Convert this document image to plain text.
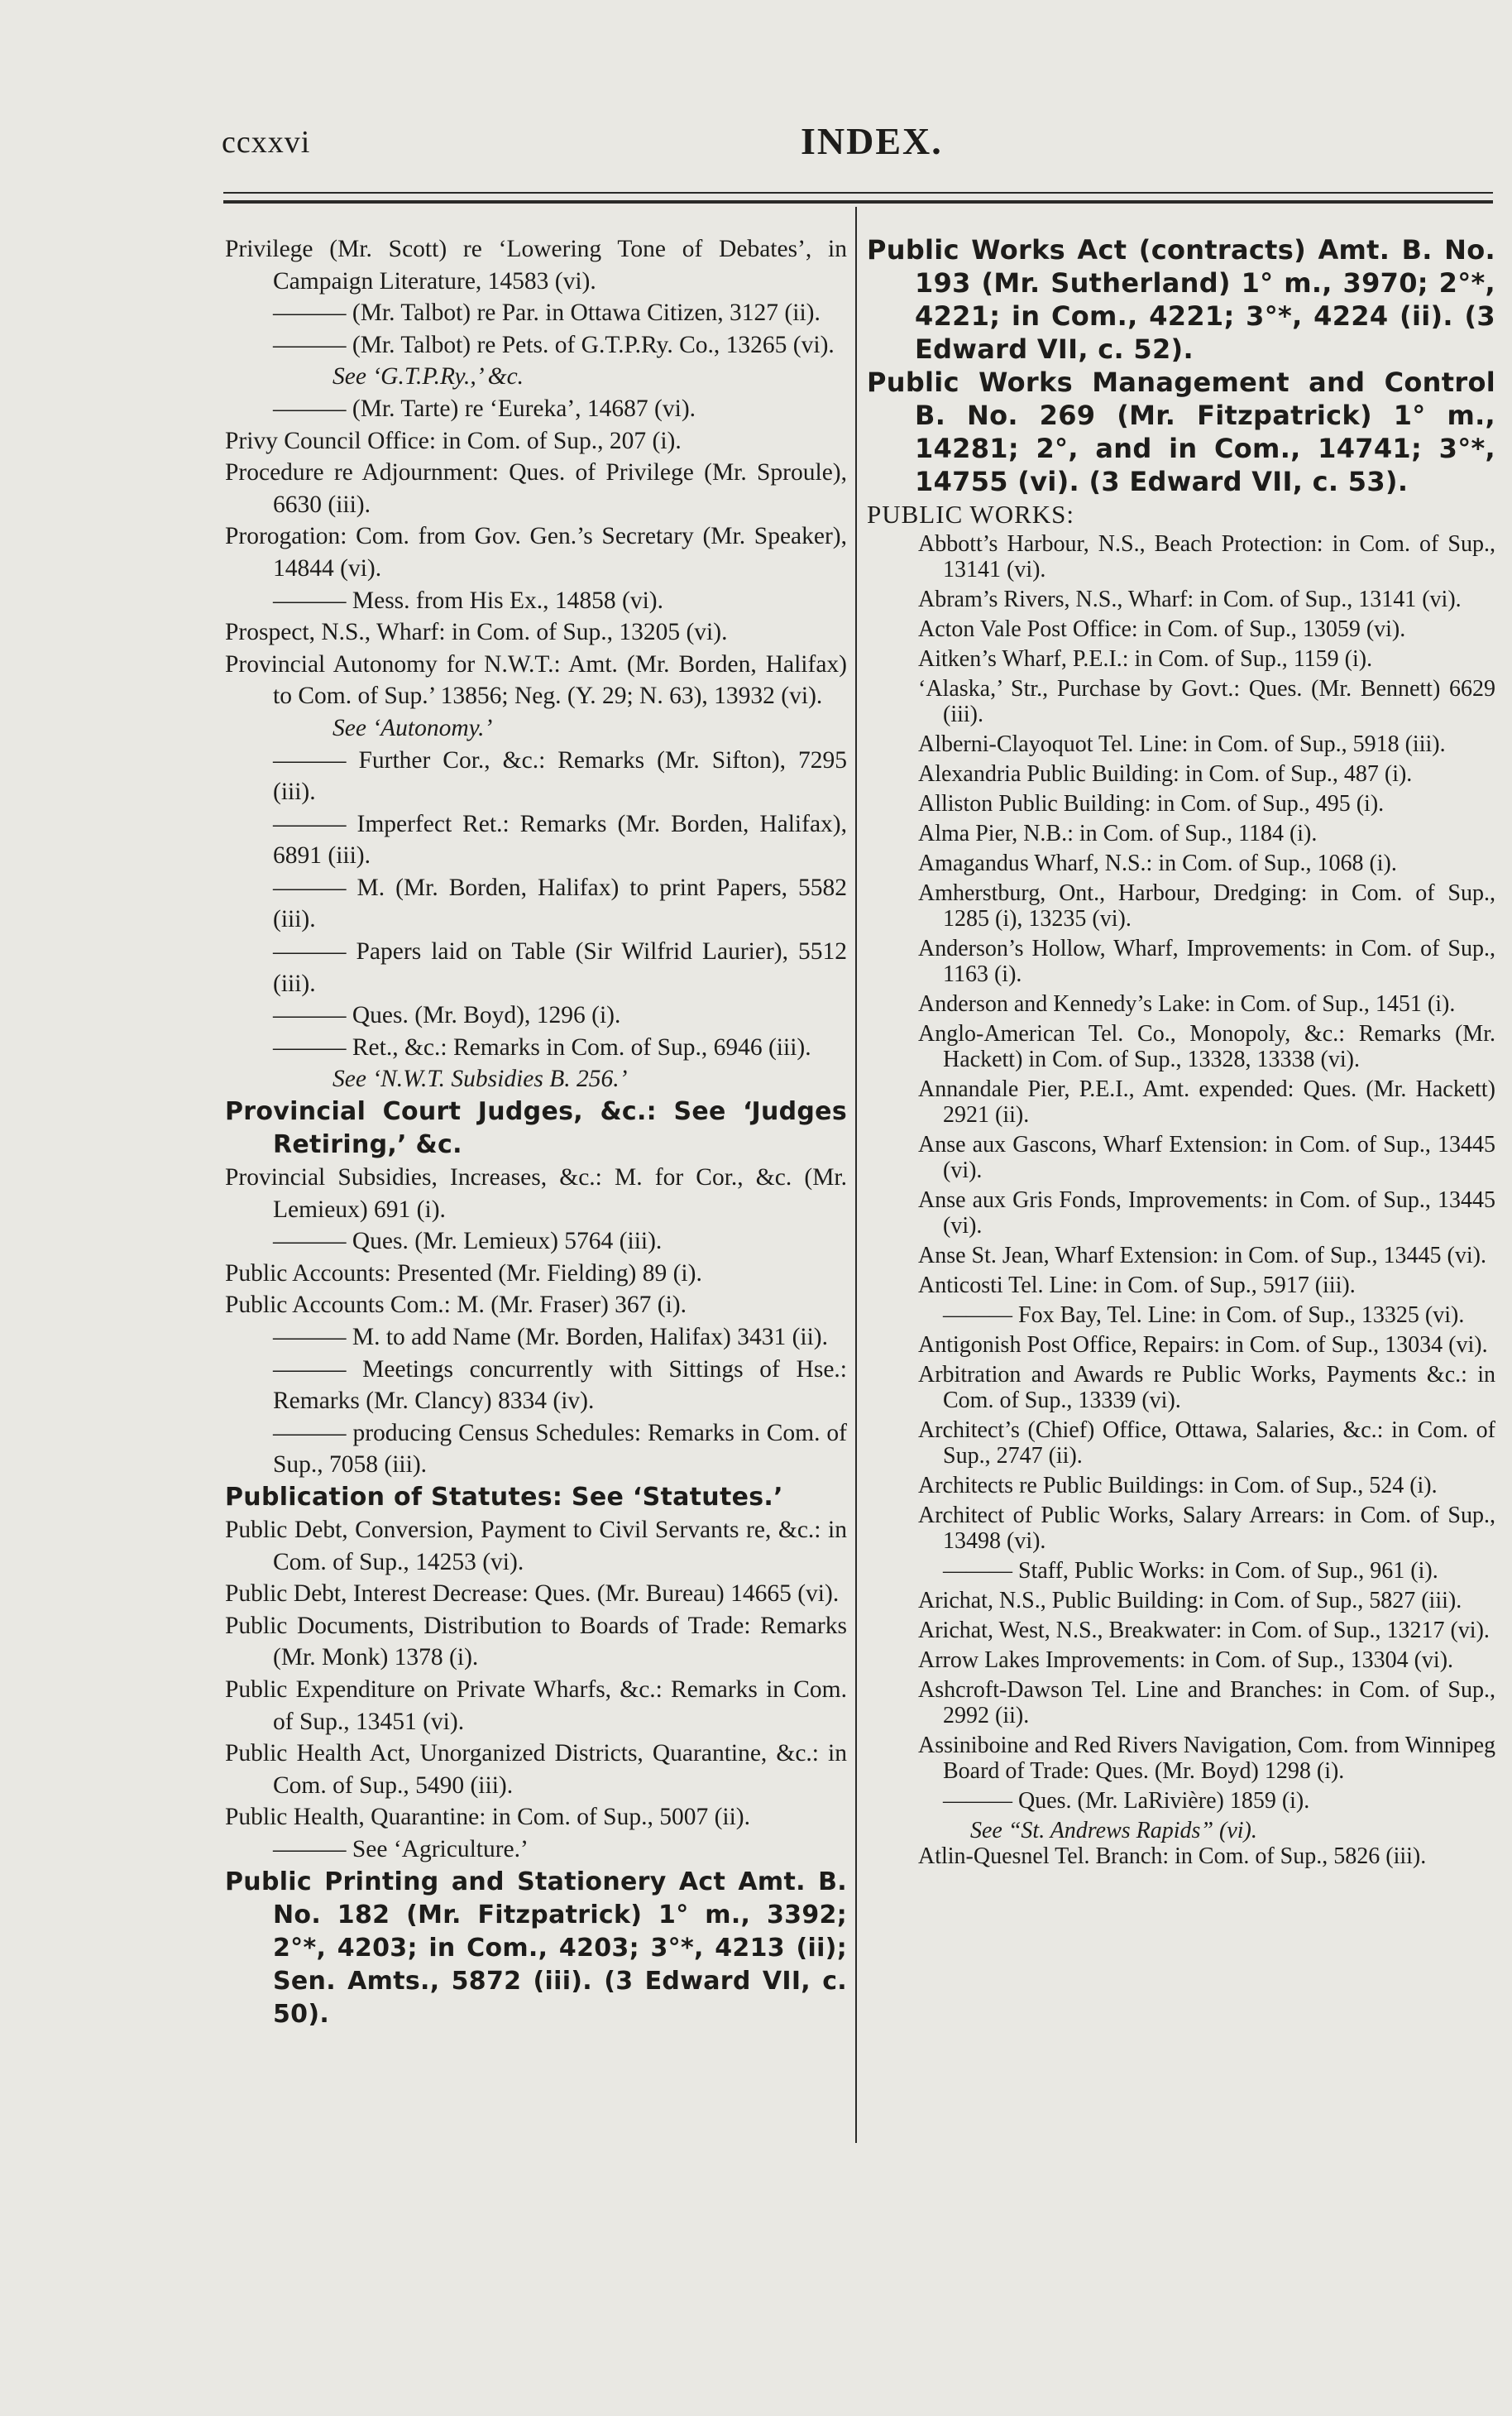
ccxxvi	INDEX.
Privilege (Mr. Scott) re ‘Lowering Tone of Debates’, in Campaign Literature, 14583 (vi).
——— (Mr. Talbot) re Par. in Ottawa Citizen, 3127 (ii).
——— (Mr. Talbot) re Pets. of G.T.P.Ry. Co., 13265 (vi).
See ‘G.T.P.Ry.,’ &c.
——— (Mr. Tarte) re ‘Eureka’, 14687 (vi).
Privy Council Office: in Com. of Sup., 207 (i).
Procedure re Adjournment: Ques. of Privilege (Mr. Sproule), 6630 (iii).
Prorogation: Com. from Gov. Gen.’s Secretary (Mr. Speaker), 14844 (vi).
——— Mess. from His Ex., 14858 (vi).
Prospect, N.S., Wharf: in Com. of Sup., 13205 (vi).
Provincial Autonomy for N.W.T.: Amt. (Mr. Borden, Halifax) to Com. of Sup.’ 13856; Neg. (Y. 29; N. 63), 13932 (vi).
See ‘Autonomy.’
——— Further Cor., &c.: Remarks (Mr. Sifton), 7295 (iii).
——— Imperfect Ret.: Remarks (Mr. Borden, Halifax), 6891 (iii).
——— M. (Mr. Borden, Halifax) to print Papers, 5582 (iii).
——— Papers laid on Table (Sir Wilfrid Laurier), 5512 (iii).
——— Ques. (Mr. Boyd), 1296 (i).
——— Ret., &c.: Remarks in Com. of Sup., 6946 (iii).
See ‘N.W.T. Subsidies B. 256.’
Provincial Court Judges, &c.: See ‘Judges Retiring,’ &c.
Provincial Subsidies, Increases, &c.: M. for Cor., &c. (Mr. Lemieux) 691 (i).
——— Ques. (Mr. Lemieux) 5764 (iii).
Public Accounts: Presented (Mr. Fielding) 89 (i).
Public Accounts Com.: M. (Mr. Fraser) 367 (i).
——— M. to add Name (Mr. Borden, Halifax) 3431 (ii).
——— Meetings concurrently with Sittings of Hse.: Remarks (Mr. Clancy) 8334 (iv).
——— producing Census Schedules: Remarks in Com. of Sup., 7058 (iii).
Publication of Statutes: See ‘Statutes.’
Public Debt, Conversion, Payment to Civil Servants re, &c.: in Com. of Sup., 14253 (vi).
Public Debt, Interest Decrease: Ques. (Mr. Bureau) 14665 (vi).
Public Documents, Distribution to Boards of Trade: Remarks (Mr. Monk) 1378 (i).
Public Expenditure on Private Wharfs, &c.: Remarks in Com. of Sup., 13451 (vi).
Public Health Act, Unorganized Districts, Quarantine, &c.: in Com. of Sup., 5490 (iii).
Public Health, Quarantine: in Com. of Sup., 5007 (ii).
——— See ‘Agriculture.’
Public Printing and Stationery Act Amt. B. No. 182 (Mr. Fitzpatrick) 1° m., 3392; 2°*, 4203; in Com., 4203; 3°*, 4213 (ii); Sen. Amts., 5872 (iii). (3 Edward VII, c. 50).
Public Works Act (contracts) Amt. B. No. 193 (Mr. Sutherland) 1° m., 3970; 2°*, 4221; in Com., 4221; 3°*, 4224 (ii). (3 Edward VII, c. 52).
Public Works Management and Control B. No. 269 (Mr. Fitzpatrick) 1° m., 14281; 2°, and in Com., 14741; 3°*, 14755 (vi). (3 Edward VII, c. 53).
PUBLIC WORKS:
Abbott’s Harbour, N.S., Beach Protection: in Com. of Sup., 13141 (vi).
Abram’s Rivers, N.S., Wharf: in Com. of Sup., 13141 (vi).
Acton Vale Post Office: in Com. of Sup., 13059 (vi).
Aitken’s Wharf, P.E.I.: in Com. of Sup., 1159 (i).
‘Alaska,’ Str., Purchase by Govt.: Ques. (Mr. Bennett) 6629 (iii).
Alberni-Clayoquot Tel. Line: in Com. of Sup., 5918 (iii).
Alexandria Public Building: in Com. of Sup., 487 (i).
Alliston Public Building: in Com. of Sup., 495 (i).
Alma Pier, N.B.: in Com. of Sup., 1184 (i).
Amagandus Wharf, N.S.: in Com. of Sup., 1068 (i).
Amherstburg, Ont., Harbour, Dredging: in Com. of Sup., 1285 (i), 13235 (vi).
Anderson’s Hollow, Wharf, Improvements: in Com. of Sup., 1163 (i).
Anderson and Kennedy’s Lake: in Com. of Sup., 1451 (i).
Anglo-American Tel. Co., Monopoly, &c.: Remarks (Mr. Hackett) in Com. of Sup., 13328, 13338 (vi).
Annandale Pier, P.E.I., Amt. expended: Ques. (Mr. Hackett) 2921 (ii).
Anse aux Gascons, Wharf Extension: in Com. of Sup., 13445 (vi).
Anse aux Gris Fonds, Improvements: in Com. of Sup., 13445 (vi).
Anse St. Jean, Wharf Extension: in Com. of Sup., 13445 (vi).
Anticosti Tel. Line: in Com. of Sup., 5917 (iii).
——— Fox Bay, Tel. Line: in Com. of Sup., 13325 (vi).
Antigonish Post Office, Repairs: in Com. of Sup., 13034 (vi).
Arbitration and Awards re Public Works, Payments &c.: in Com. of Sup., 13339 (vi).
Architect’s (Chief) Office, Ottawa, Salaries, &c.: in Com. of Sup., 2747 (ii).
Architects re Public Buildings: in Com. of Sup., 524 (i).
Architect of Public Works, Salary Arrears: in Com. of Sup., 13498 (vi).
——— Staff, Public Works: in Com. of Sup., 961 (i).
Arichat, N.S., Public Building: in Com. of Sup., 5827 (iii).
Arichat, West, N.S., Breakwater: in Com. of Sup., 13217 (vi).
Arrow Lakes Improvements: in Com. of Sup., 13304 (vi).
Ashcroft-Dawson Tel. Line and Branches: in Com. of Sup., 2992 (ii).
Assiniboine and Red Rivers Navigation, Com. from Winnipeg Board of Trade: Ques. (Mr. Boyd) 1298 (i).
——— Ques. (Mr. LaRivière) 1859 (i).
See “St. Andrews Rapids” (vi).
Atlin-Quesnel Tel. Branch: in Com. of Sup., 5826 (iii).
